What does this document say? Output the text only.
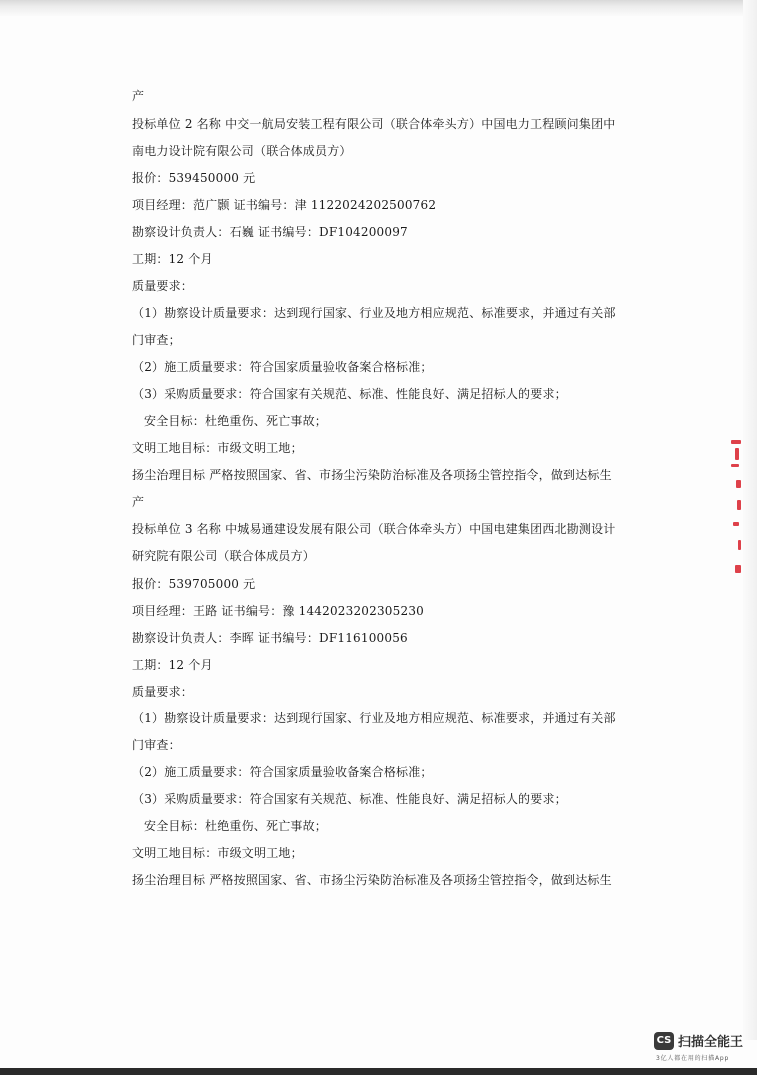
产
投标单位 2 名称 中交一航局安装工程有限公司（联合体牵头方）中国电力工程顾问集团中
南电力设计院有限公司（联合体成员方）
报价：539450000 元
项目经理：范广颢 证书编号：津 1122024202500762
勘察设计负责人：石巍 证书编号：DF104200097
工期：12 个月
质量要求：
（1）勘察设计质量要求：达到现行国家、行业及地方相应规范、标准要求，并通过有关部
门审查；
（2）施工质量要求：符合国家质量验收备案合格标准；
（3）采购质量要求：符合国家有关规范、标准、性能良好、满足招标人的要求；
安全目标：杜绝重伤、死亡事故；
文明工地目标：市级文明工地；
扬尘治理目标 严格按照国家、省、市扬尘污染防治标准及各项扬尘管控指令，做到达标生
产
投标单位 3 名称 中城易通建设发展有限公司（联合体牵头方）中国电建集团西北勘测设计
研究院有限公司（联合体成员方）
报价：539705000 元
项目经理：王路 证书编号：豫 1442023202305230
勘察设计负责人：李晖 证书编号：DF116100056
工期：12 个月
质量要求：
（1）勘察设计质量要求：达到现行国家、行业及地方相应规范、标准要求，并通过有关部
门审查：
（2）施工质量要求：符合国家质量验收备案合格标准；
（3）采购质量要求：符合国家有关规范、标准、性能良好、满足招标人的要求；
安全目标：杜绝重伤、死亡事故；
文明工地目标：市级文明工地；
扬尘治理目标 严格按照国家、省、市扬尘污染防治标准及各项扬尘管控指令，做到达标生
CS 扫描全能王
3亿人都在用的扫描App
